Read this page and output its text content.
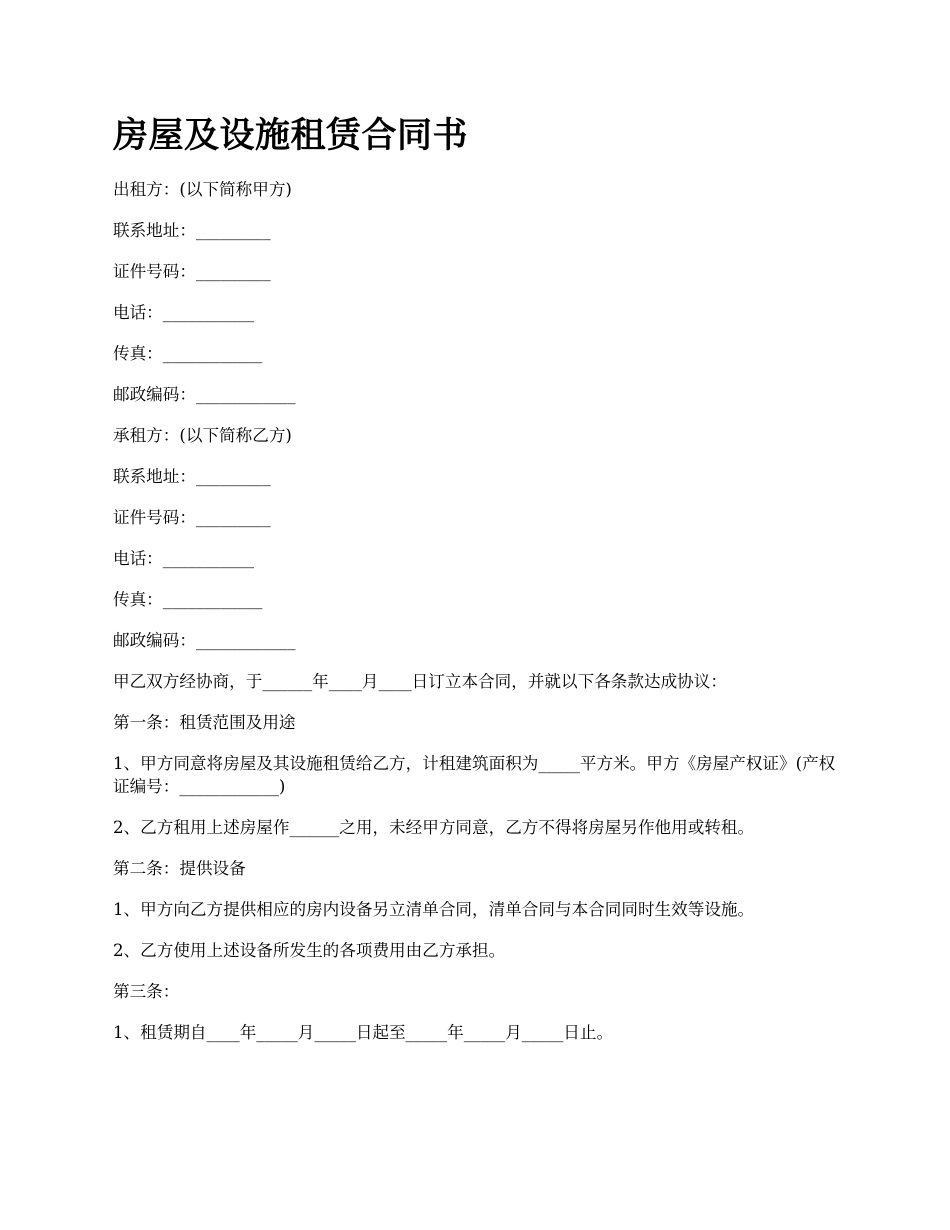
房屋及设施租赁合同书

出租方：(以下简称甲方)

联系地址：_________

证件号码：_________

电话：___________

传真：____________

邮政编码：____________

承租方：(以下简称乙方)

联系地址：_________

证件号码：_________

电话：___________

传真：____________

邮政编码：____________

甲乙双方经协商，于______年____月____日订立本合同，并就以下各条款达成协议：

第一条：租赁范围及用途

1、甲方同意将房屋及其设施租赁给乙方，计租建筑面积为_____平方米。甲方《房屋产权证》(产权证编号：____________)

2、乙方租用上述房屋作______之用，未经甲方同意，乙方不得将房屋另作他用或转租。

第二条：提供设备

1、甲方向乙方提供相应的房内设备另立清单合同，清单合同与本合同同时生效等设施。

2、乙方使用上述设备所发生的各项费用由乙方承担。

第三条：

1、租赁期自____年_____月_____日起至_____年_____月_____日止。
